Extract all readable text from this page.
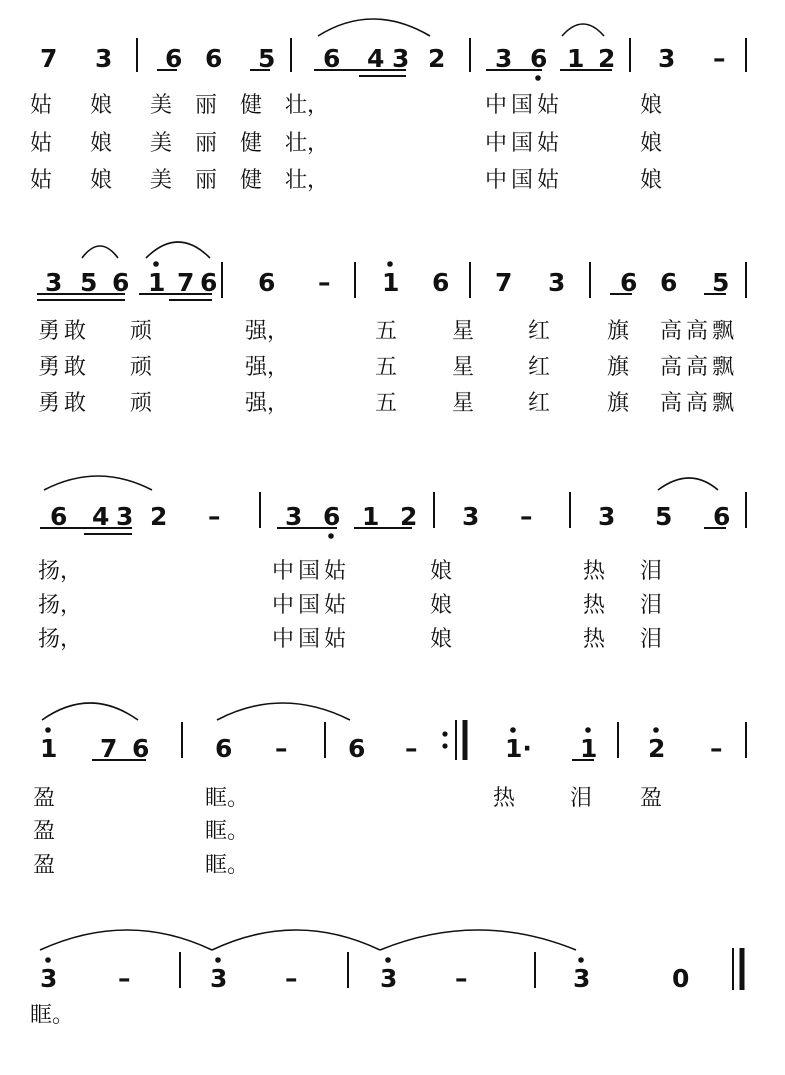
7 3 6 6 5 6 4 3 2 3 6 1 2 3 –
3 5 6 1 7 6 6 – 1 6 7 3 6 6 5
6 4 3 2 –	3 6 1 2 3 –	3 5 6
1 7 6	6 – 6 –	1· 1 2 –
3 –	3 –	3 –	3	0
姑 娘 美 丽 健 壮，	中国姑	娘
姑 娘 美 丽 健 壮，	中国姑	娘
姑 娘 美 丽 健 壮，	中国姑	娘
勇敢 顽	强，	五 星 红	旗 高高飘
勇敢 顽	强，	五 星 红	旗 高高飘
勇敢 顽	强，	五 星 红	旗 高高飘
扬，	中国姑	娘	热 泪
扬，	中国姑	娘	热 泪
扬，	中国姑	娘	热 泪
盈	眶。	热 泪 盈
盈	眶。
盈	眶。
眶。
